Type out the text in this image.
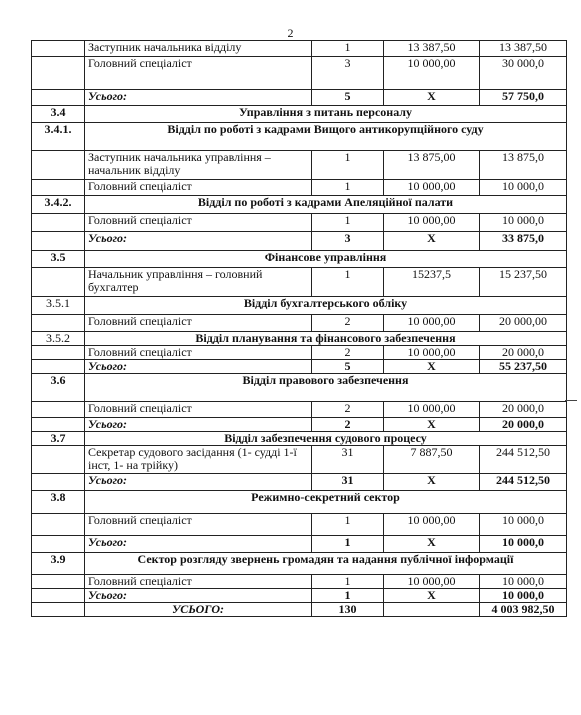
2
	Заступник начальника відділу	1	13 387,50	13 387,50
	Головний спеціаліст	3	10 000,00	30 000,0
	Усього:	5	Х	57 750,0
3.4	Управління з питань персоналу			
3.4.1.	Відділ по роботі з кадрами Вищого антикорупційного суду			
	Заступник начальника управління – начальник відділу	1	13 875,00	13 875,0
	Головний спеціаліст	1	10 000,00	10 000,0
3.4.2.	Відділ по роботі з кадрами Апеляційної палати			
	Головний спеціаліст	1	10 000,00	10 000,0
	Усього:	3	Х	33 875,0
3.5	Фінансове управління			
	Начальник управління – головний бухгалтер	1	15237,5	15 237,50
3.5.1	Відділ бухгалтерського обліку			
	Головний спеціаліст	2	10 000,00	20 000,00
3.5.2	Відділ планування та фінансового забезпечення			
	Головний спеціаліст	2	10 000,00	20 000,0
	Усього:	5	Х	55 237,50
3.6	Відділ правового забезпечення			
	Головний спеціаліст	2	10 000,00	20 000,0
	Усього:	2	Х	20 000,0
3.7	Відділ забезпечення судового процесу			
	Секретар судового засідання (1- судді 1-ї інст, 1- на трійку)	31	7 887,50	244 512,50
	Усього:	31	Х	244 512,50
3.8	Режимно-секретний сектор			
	Головний спеціаліст	1	10 000,00	10 000,0
	Усього:	1	Х	10 000,0
3.9	Сектор розгляду звернень громадян та надання публічної інформації			
	Головний спеціаліст	1	10 000,00	10 000,0
	Усього:	1	Х	10 000,0
	УСЬОГО:	130		4 003 982,50
